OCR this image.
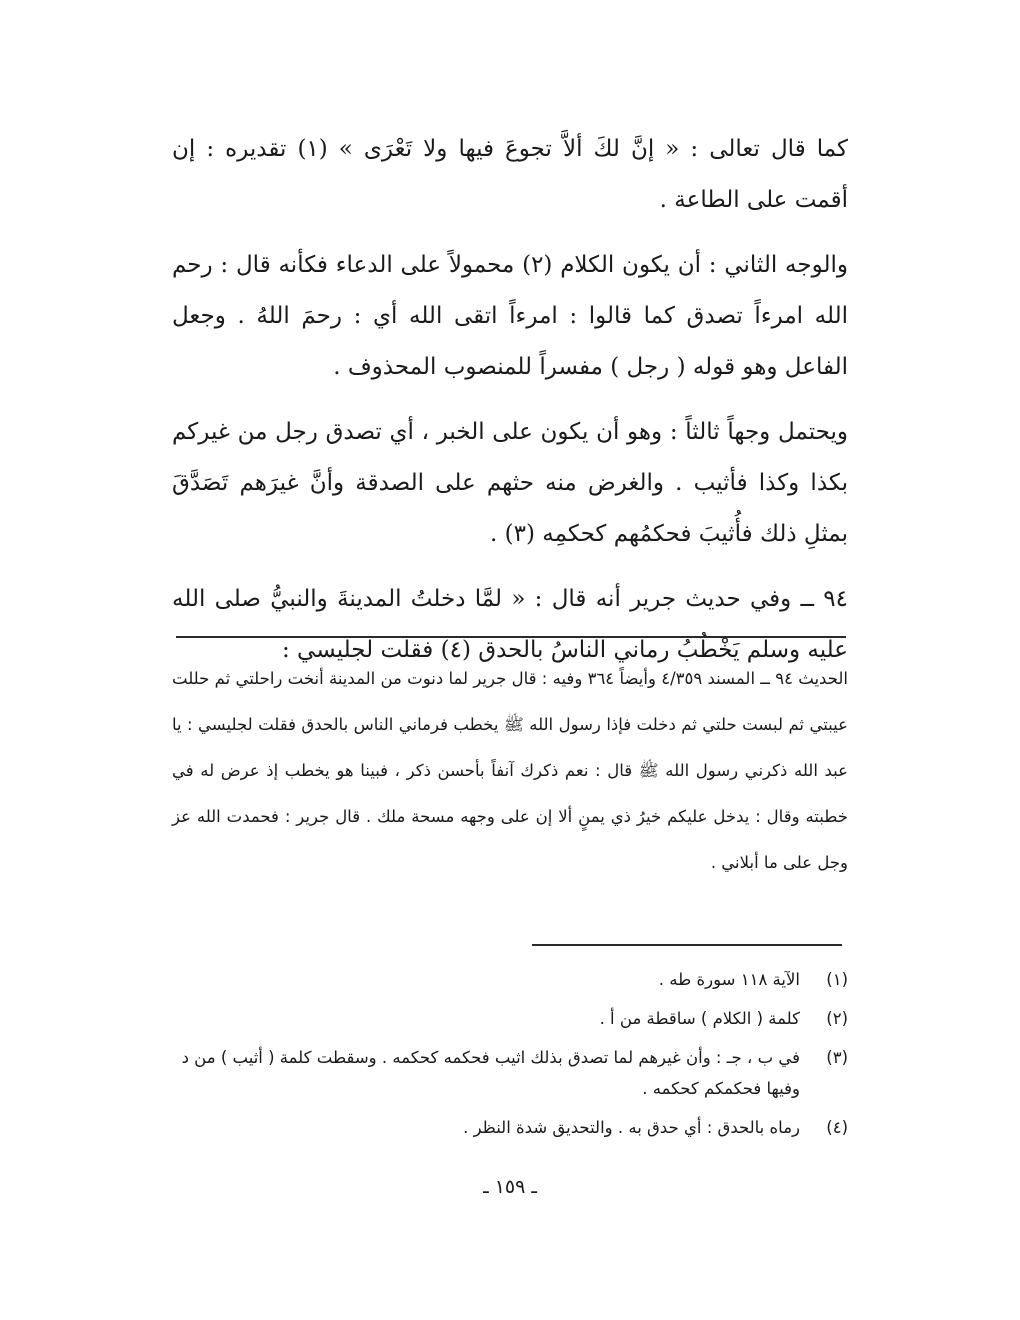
كما قال تعالى : « إنَّ لكَ ألاَّ تجوعَ فيها ولا تَعْرَى » (١) تقديره : إن أقمت على الطاعة .

والوجه الثاني : أن يكون الكلام (٢) محمولاً على الدعاء فكأنه قال : رحم الله امرءاً تصدق كما قالوا : امرءاً اتقى الله أي : رحمَ اللهُ . وجعل الفاعل وهو قوله ( رجل ) مفسراً للمنصوب المحذوف .

ويحتمل وجهاً ثالثاً : وهو أن يكون على الخبر ، أي تصدق رجل من غيركم بكذا وكذا فأثيب . والغرض منه حثهم على الصدقة وأنَّ غيرَهم تَصَدَّقَ بمثلِ ذلك فأُثيبَ فحكمُهم كحكمِه (٣) .

٩٤ ــ وفي حديث جرير أنه قال : « لمَّا دخلتُ المدينةَ والنبيُّ صلى الله عليه وسلم يَخْطُبُ رماني الناسُ بالحدق (٤) فقلت لجليسي :

الحديث ٩٤ ــ المسند ٤/٣٥٩ وأيضاً ٣٦٤ وفيه : قال جرير لما دنوت من المدينة أنخت راحلتي ثم حللت عيبتي ثم لبست حلتي ثم دخلت فإذا رسول الله ﷺ يخطب فرماني الناس بالحدق فقلت لجليسي : يا عبد الله ذكرني رسول الله ﷺ قال : نعم ذكرك آنفاً بأحسن ذكر ، فبينا هو يخطب إذ عرض له في خطبته وقال : يدخل عليكم خيرُ ذي يمنٍ ألا إن على وجهه مسحة ملك . قال جرير : فحمدت الله عز وجل على ما أبلاني .

(١)
الآية ١١٨ سورة طه .
(٢)
كلمة ( الكلام ) ساقطة من أ .
(٣)
في ب ، جـ : وأن غيرهم لما تصدق بذلك اثيب فحكمه كحكمه . وسقطت كلمة ( أثيب ) من د وفيها فحكمكم كحكمه .
(٤)
رماه بالحدق : أي حدق به . والتحديق شدة النظر .
ـ ١٥٩ ـ
